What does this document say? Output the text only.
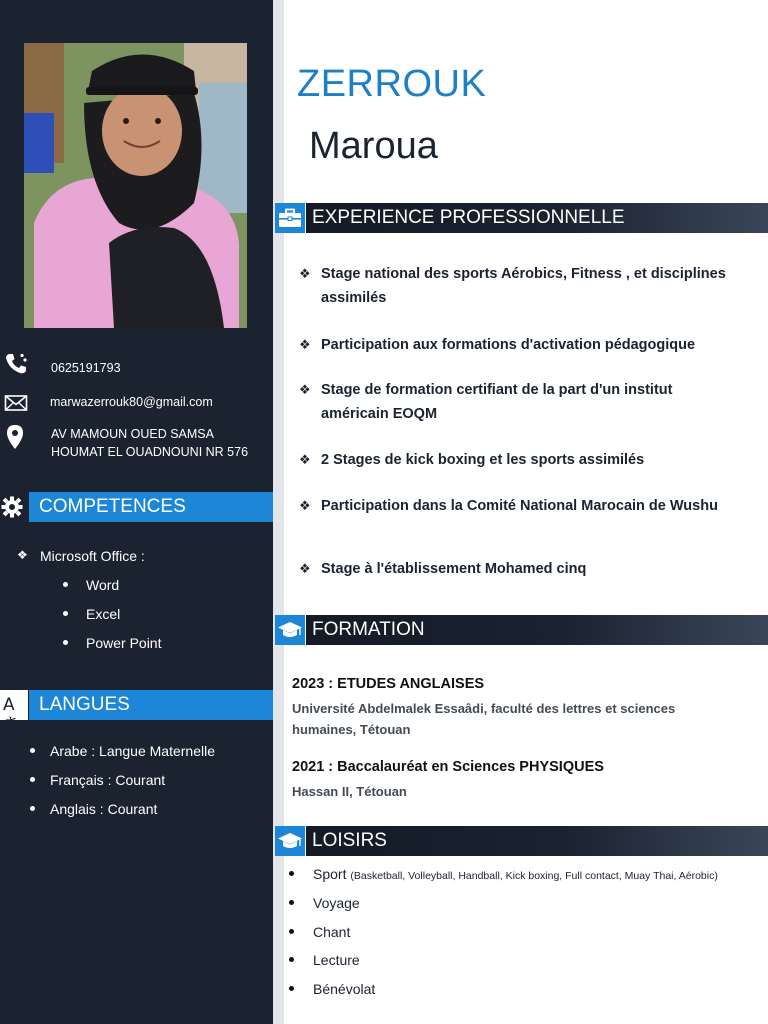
0625191793
marwazerrouk80@gmail.com
AV MAMOUN OUED SAMSA
HOUMAT EL OUADNOUNI NR 576
COMPETENCES
❖ Microsoft Office :
Word
Excel
Power Point
Aあ
LANGUES
Arabe : Langue Maternelle
Français : Courant
Anglais : Courant
ZERROUK
Maroua
EXPERIENCE PROFESSIONNELLE
❖ Stage national des sports Aérobics, Fitness , et disciplines assimilés
❖ Participation aux formations d'activation pédagogique
❖ Stage de formation certifiant de la part d'un institut américain EOQM
❖ 2 Stages de kick boxing et les sports assimilés
❖ Participation dans la Comité National Marocain de Wushu
❖ Stage à l'établissement Mohamed cinq
FORMATION
2023 : ETUDES ANGLAISES
Université Abdelmalek Essaâdi, faculté des lettres et sciences humaines, Tétouan
2021 : Baccalauréat en Sciences PHYSIQUES
Hassan II, Tétouan
LOISIRS
Sport (Basketball, Volleyball, Handball, Kick boxing, Full contact, Muay Thai, Aérobic)
Voyage
Chant
Lecture
Bénévolat
